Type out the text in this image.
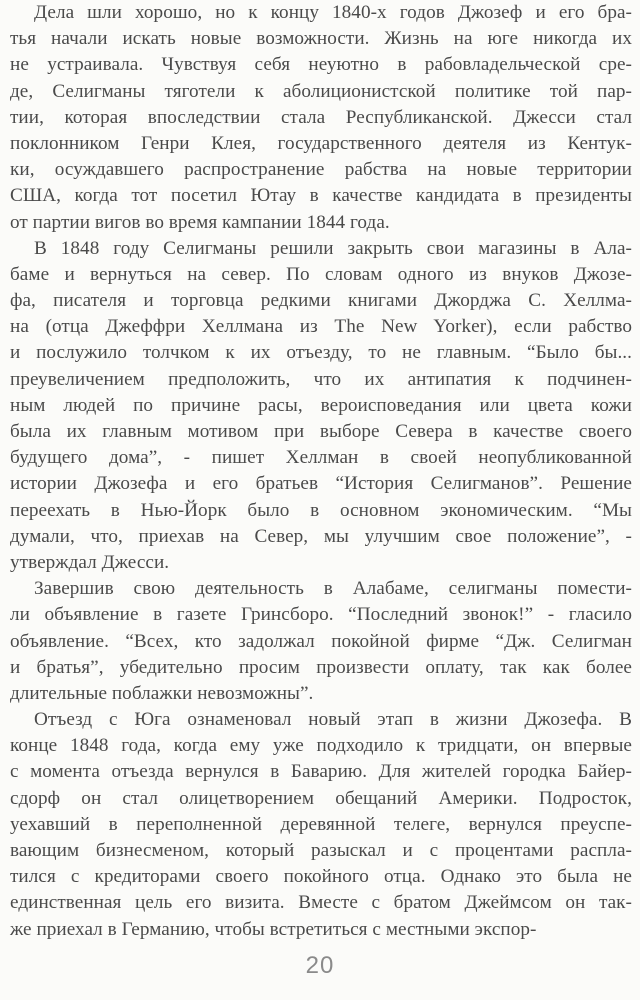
Дела шли хорошо, но к концу 1840-х годов Джозеф и его бра-
тья начали искать новые возможности. Жизнь на юге никогда их
не устраивала. Чувствуя себя неуютно в рабовладельческой сре-
де, Селигманы тяготели к аболиционистской политике той пар-
тии, которая впоследствии стала Республиканской. Джесси стал
поклонником Генри Клея, государственного деятеля из Кентук-
ки, осуждавшего распространение рабства на новые территории
США, когда тот посетил Ютау в качестве кандидата в президенты
от партии вигов во время кампании 1844 года.
В 1848 году Селигманы решили закрыть свои магазины в Ала-
баме и вернуться на север. По словам одного из внуков Джозе-
фа, писателя и торговца редкими книгами Джорджа С. Хеллма-
на (отца Джеффри Хеллмана из The New Yorker), если рабство
и послужило толчком к их отъезду, то не главным. “Было бы...
преувеличением предположить, что их антипатия к подчинен-
ным людей по причине расы, вероисповедания или цвета кожи
была их главным мотивом при выборе Севера в качестве своего
будущего дома”, - пишет Хеллман в своей неопубликованной
истории Джозефа и его братьев “История Селигманов”. Решение
переехать в Нью-Йорк было в основном экономическим. “Мы
думали, что, приехав на Север, мы улучшим свое положение”, -
утверждал Джесси.
Завершив свою деятельность в Алабаме, селигманы помести-
ли объявление в газете Гринсборо. “Последний звонок!” - гласило
объявление. “Всех, кто задолжал покойной фирме “Дж. Селигман
и братья”, убедительно просим произвести оплату, так как более
длительные поблажки невозможны”.
Отъезд с Юга ознаменовал новый этап в жизни Джозефа. В
конце 1848 года, когда ему уже подходило к тридцати, он впервые
с момента отъезда вернулся в Баварию. Для жителей городка Байер-
сдорф он стал олицетворением обещаний Америки. Подросток,
уехавший в переполненной деревянной телеге, вернулся преуспе-
вающим бизнесменом, который разыскал и с процентами распла-
тился с кредиторами своего покойного отца. Однако это была не
единственная цель его визита. Вместе с братом Джеймсом он так-
же приехал в Германию, чтобы встретиться с местными экспор-
20
